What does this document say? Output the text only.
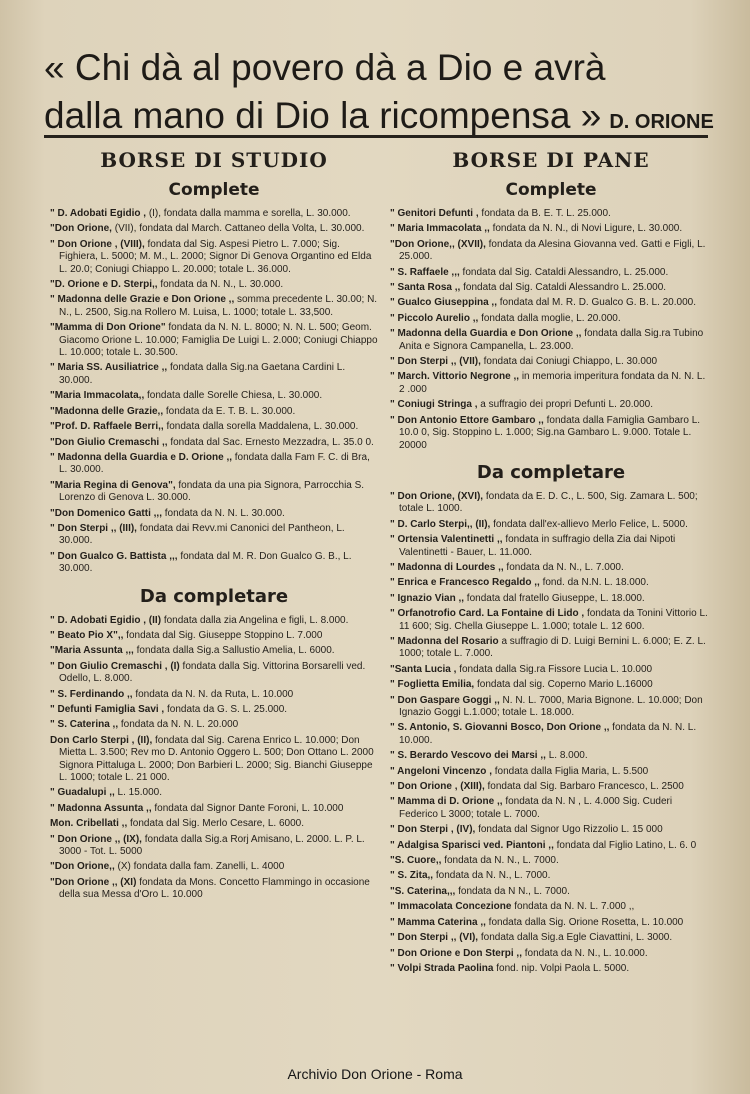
« Chi dà al povero dà a Dio e avrà
dalla mano di Dio la ricompensa » D. ORIONE
BORSE DI STUDIO
Complete
" D. Adobati Egidio , (I), fondata dalla mamma e sorella, L. 30.000.
"Don Orione, (VII), fondata dal March. Cattaneo della Volta, L. 30.000.
" Don Orione , (VIII), fondata dal Sig. Aspesi Pietro L. 7.000; Sig. Fighiera, L. 5000; M. M., L. 2000; Signor Di Genova Organtino ed Elda L. 20.0; Coniugi Chiappo L. 20.000; totale L. 36.000.
"D. Orione e D. Sterpi,, fondata da N. N., L. 30.000.
" Madonna delle Grazie e Don Orione ,, somma precedente L. 30.00; N. N., L. 2500, Sig.na Rollero M. Luisa, L. 1000; totale L. 33,500.
"Mamma di Don Orione" fondata da N. N. L. 8000; N. N. L. 500; Geom. Giacomo Orione L. 10.000; Famiglia De Luigi L. 2.000; Coniugi Chiappo L. 10.000; totale L. 30.500.
" Maria SS. Ausiliatrice ,, fondata dalla Sig.na Gaetana Cardini L. 30.000.
"Maria Immacolata,, fondata dalle Sorelle Chiesa, L. 30.000.
"Madonna delle Grazie,, fondata da E. T. B. L. 30.000.
"Prof. D. Raffaele Berri,, fondata dalla sorella Maddalena, L. 30.000.
"Don Giulio Cremaschi ,, fondata dal Sac. Ernesto Mezzadra, L. 35.0 0.
" Madonna della Guardia e D. Orione ,, fondata dalla Fam F. C. di Bra, L. 30.000.
"Maria Regina di Genova", fondata da una pia Signora, Parrocchia S. Lorenzo di Genova L. 30.000.
"Don Domenico Gatti ,,, fondata da N. N. L. 30.000.
" Don Sterpi ,, (III), fondata dai Revv.mi Canonici del Pantheon, L. 30.000.
" Don Gualco G. Battista ,,, fondata dal M. R. Don Gualco G. B., L. 30.000.
Da completare
" D. Adobati Egidio , (II) fondata dalla zia Angelina e figli, L. 8.000.
" Beato Pio X",, fondata dal Sig. Giuseppe Stoppino L. 7.000
"Maria Assunta ,,, fondata dalla Sig.a Sallustio Amelia, L. 6000.
" Don Giulio Cremaschi , (I) fondata dalla Sig. Vittorina Borsarelli ved. Odello, L. 8.000.
" S. Ferdinando ,, fondata da N. N. da Ruta, L. 10.000
" Defunti Famiglia Savi , fondata da G. S. L. 25.000.
" S. Caterina ,, fondata da N. N. L. 20.000
Don Carlo Sterpi , (II), fondata dal Sig. Carena Enrico L. 10.000; Don Mietta L. 3.500; Rev mo D. Antonio Oggero L. 500; Don Ottano L. 2000 Signora Pittaluga L. 2000; Don Barbieri L. 2000; Sig. Bianchi Giuseppe L. 1000; totale L. 21 000.
" Guadalupi ,, L. 15.000.
" Madonna Assunta ,, fondata dal Signor Dante Foroni, L. 10.000
Mon. Cribellati ,, fondata dal Sig. Merlo Cesare, L. 6000.
" Don Orione ,, (IX), fondata dalla Sig.a Rorj Amisano, L. 2000. L. P. L. 3000 - Tot. L. 5000
"Don Orione,, (X) fondata dalla fam. Zanelli, L. 4000
"Don Orione ,, (XI) fondata da Mons. Concetto Flammingo in occasione della sua Messa d'Oro L. 10.000
BORSE DI PANE
Complete
" Genitori Defunti , fondata da B. E. T. L. 25.000.
" Maria Immacolata ,, fondata da N. N., di Novi Ligure, L. 30.000.
"Don Orione,, (XVII), fondata da Alesina Giovanna ved. Gatti e Figli, L. 25.000.
" S. Raffaele ,,, fondata dal Sig. Cataldi Alessandro, L. 25.000.
" Santa Rosa ,, fondata dal Sig. Cataldi Alessandro L. 25.000.
" Gualco Giuseppina ,, fondata dal M. R. D. Gualco G. B. L. 20.000.
" Piccolo Aurelio ,, fondata dalla moglie, L. 20.000.
" Madonna della Guardia e Don Orione ,, fondata dalla Sig.ra Tubino Anita e Signora Campanella, L. 23.000.
" Don Sterpi ,, (VII), fondata dai Coniugi Chiappo, L. 30.000
" March. Vittorio Negrone ,, in memoria imperitura fondata da N. N. L. 2 .000
" Coniugi Stringa , a suffragio dei propri Defunti L. 20.000.
" Don Antonio Ettore Gambaro ,, fondata dalla Famiglia Gambaro L. 10.0 0, Sig. Stoppino L. 1.000; Sig.na Gambaro L. 9.000. Totale L. 20000
Da completare
" Don Orione, (XVI), fondata da E. D. C., L. 500, Sig. Zamara L. 500; totale L. 1000.
" D. Carlo Sterpi,, (II), fondata dall'ex-allievo Merlo Felice, L. 5000.
" Ortensia Valentinetti ,, fondata in suffragio della Zia dai Nipoti Valentinetti - Bauer, L. 11.000.
" Madonna di Lourdes ,, fondata da N. N., L. 7.000.
" Enrica e Francesco Regaldo ,, fond. da N.N. L. 18.000.
" Ignazio Vian ,, fondata dal fratello Giuseppe, L. 18.000.
" Orfanotrofio Card. La Fontaine di Lido , fondata da Tonini Vittorio L. 11 600; Sig. Chella Giuseppe L. 1.000; totale L. 12 600.
" Madonna del Rosario a suffragio di D. Luigi Bernini L. 6.000; E. Z. L. 1000; totale L. 7.000.
"Santa Lucia , fondata dalla Sig.ra Fissore Lucia L. 10.000
" Foglietta Emilia, fondata dal sig. Coperno Mario L.16000
" Don Gaspare Goggi ,, N. N. L. 7000, Maria Bignone. L. 10.000; Don Ignazio Goggi L.1.000; totale L. 18.000.
" S. Antonio, S. Giovanni Bosco, Don Orione ,, fondata da N. N. L. 10.000.
" S. Berardo Vescovo dei Marsi ,, L. 8.000.
" Angeloni Vincenzo , fondata dalla Figlia Maria, L. 5.500
" Don Orione , (XIII), fondata dal Sig. Barbaro Francesco, L. 2500
" Mamma di D. Orione ,, fondata da N. N , L. 4.000 Sig. Cuderi Federico L 3000; totale L. 7000.
" Don Sterpi , (IV), fondata dal Signor Ugo Rizzolio L. 15 000
" Adalgisa Sparisci ved. Piantoni ,, fondata dal Figlio Latino, L. 6. 0
"S. Cuore,, fondata da N. N., L. 7000.
" S. Zita,, fondata da N. N., L. 7000.
"S. Caterina,,, fondata da N N., L. 7000.
" Immacolata Concezione fondata da N. N. L. 7.000 ,,
" Mamma Caterina ,, fondata dalla Sig. Orione Rosetta, L. 10.000
" Don Sterpi ,, (VI), fondata dalla Sig.a Egle Ciavattini, L. 3000.
" Don Orione e Don Sterpi ,, fondata da N. N., L. 10.000.
" Volpi Strada Paolina fond. nip. Volpi Paola L. 5000.
Archivio Don Orione - Roma
